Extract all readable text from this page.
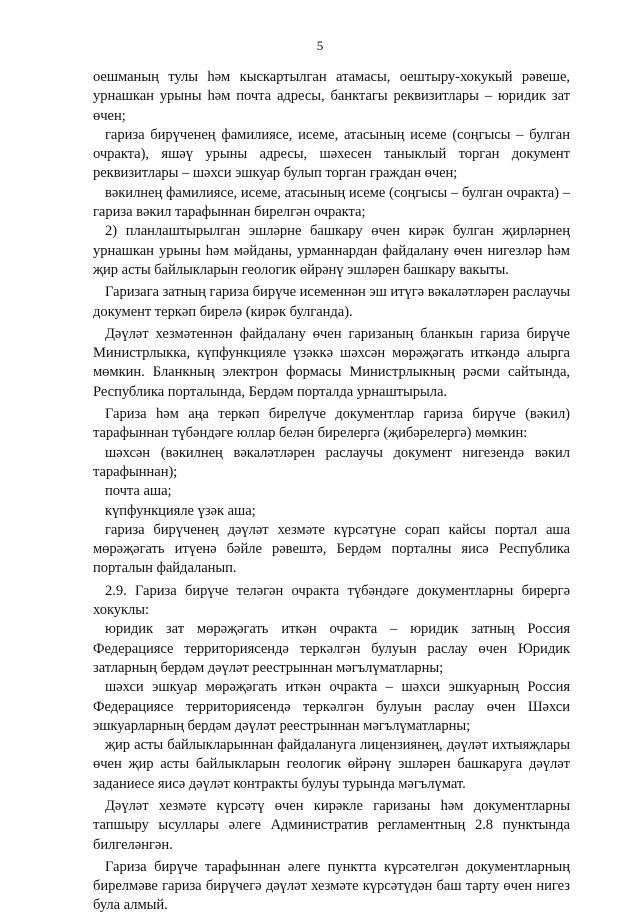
5

оешманың тулы һәм кыскартылган атамасы, оештыру-хокукый рәвеше, урнашкан урыны һәм почта адресы, банктагы реквизитлары – юридик зат өчен;

гариза бирүченең фамилиясе, исеме, атасының исеме (соңгысы – булган очракта), яшәү урыны адресы, шәхесен таныклый торган документ реквизитлары – шәхси эшкуар булып торган граждан өчен;

вәкилнең фамилиясе, исеме, атасының исеме (соңгысы – булган очракта) – гариза вәкил тарафыннан бирелгән очракта;

2) планлаштырылган эшләрне башкару өчен кирәк булган җирләрнең урнашкан урыны һәм мәйданы, урманнардан файдалану өчен нигезләр һәм җир асты байлыкларын геологик өйрәнү эшләрен башкару вакыты.

Гаризага затның гариза бирүче исеменнән эш итүгә вәкаләтләрен раслаучы документ теркәп бирелә (кирәк булганда).

Дәүләт хезмәтеннән файдалану өчен гаризаның бланкын гариза бирүче Министрлыкка, күпфункцияле үзәккә шәхсән мөрәҗәгать иткәндә алырга мөмкин. Бланкның электрон формасы Министрлыкның рәсми сайтында, Республика порталында, Бердәм порталда урнаштырыла.

Гариза һәм аңа теркәп бирелүче документлар гариза бирүче (вәкил) тарафыннан түбәндәге юллар белән бирелергә (җибәрелергә) мөмкин:

шәхсән (вәкилнең вәкаләтләрен раслаучы документ нигезендә вәкил тарафыннан);

почта аша;

күпфункцияле үзәк аша;

гариза бирүченең дәүләт хезмәте күрсәтүне сорап кайсы портал аша мөрәҗәгать итүенә бәйле рәвештә, Бердәм порталны яисә Республика порталын файдаланып.

2.9. Гариза бирүче теләгән очракта түбәндәге документларны бирергә хокуклы:

юридик зат мөрәҗәгать иткән очракта – юридик затның Россия Федерациясе территориясендә теркәлгән булуын раслау өчен Юридик затларның бердәм дәүләт реестрыннан мәгълүматларны;

шәхси эшкуар мөрәҗәгать иткән очракта – шәхси эшкуарның Россия Федерациясе территориясендә теркәлгән булуын раслау өчен Шәхси эшкуарларның бердәм дәүләт реестрыннан мәгълүматларны;

җир асты байлыкларыннан файдалануга лицензиянең, дәүләт ихтыяҗлары өчен җир асты байлыкларын геологик өйрәнү эшләрен башкаруга дәүләт заданиесе яисә дәүләт контракты булуы турында мәгълүмат.

Дәүләт хезмәте күрсәтү өчен кирәкле гаризаны һәм документларны тапшыру ысуллары әлеге Административ регламентның 2.8 пунктында билгеләнгән.

Гариза бирүче тарафыннан әлеге пунктта күрсәтелгән документларның бирелмәве гариза бирүчегә дәүләт хезмәте күрсәтүдән баш тарту өчен нигез була алмый.
